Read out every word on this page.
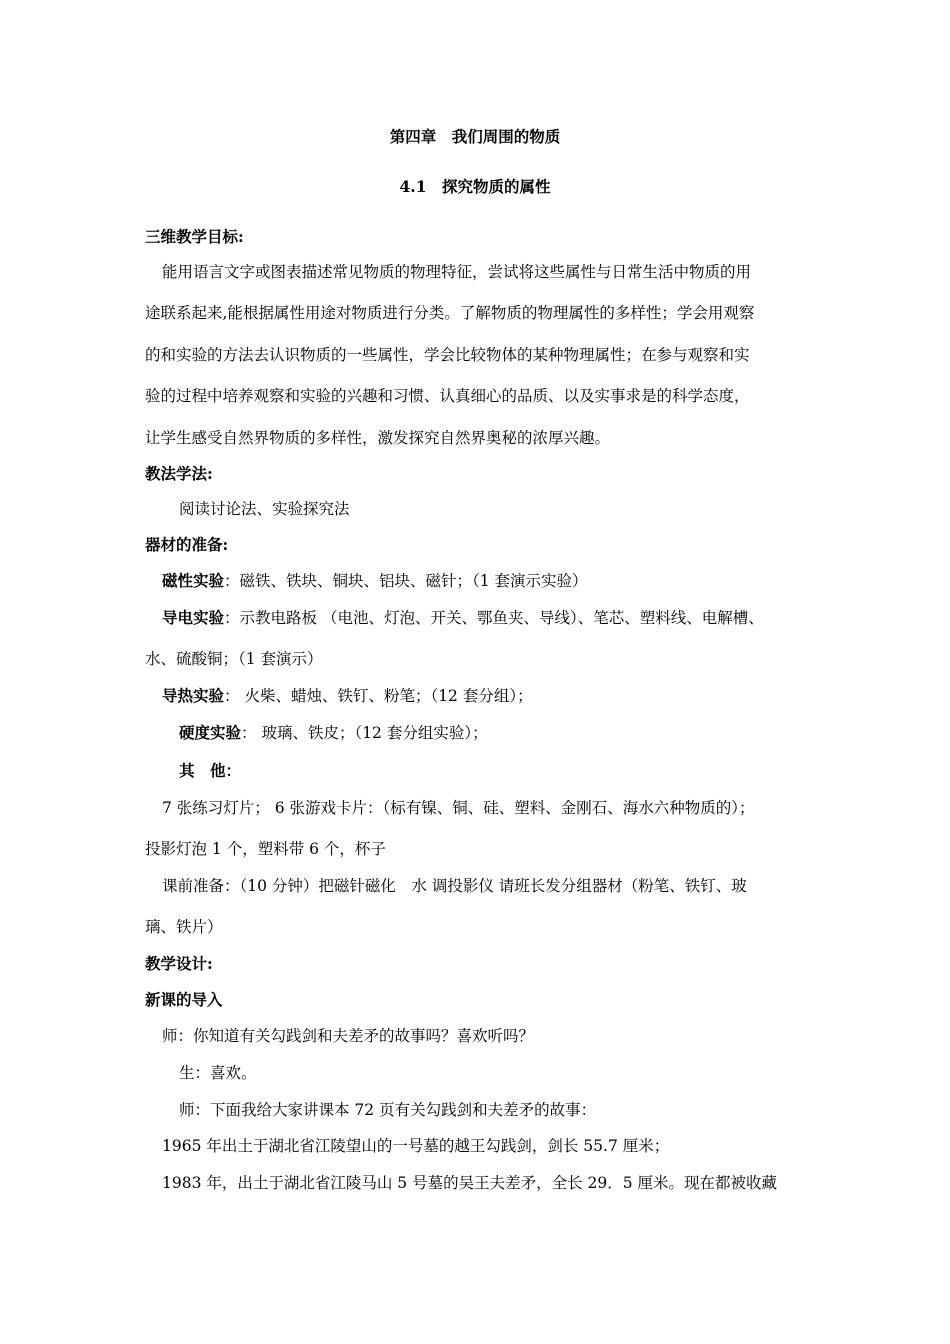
第四章　我们周围的物质
4.1　探究物质的属性
三维教学目标:
能用语言文字或图表描述常见物质的物理特征，尝试将这些属性与日常生活中物质的用
途联系起来,能根据属性用途对物质进行分类。了解物质的物理属性的多样性；学会用观察
的和实验的方法去认识物质的一些属性，学会比较物体的某种物理属性；在参与观察和实
验的过程中培养观察和实验的兴趣和习惯、认真细心的品质、以及实事求是的科学态度，
让学生感受自然界物质的多样性，激发探究自然界奥秘的浓厚兴趣。
教法学法:
阅读讨论法、实验探究法
器材的准备:
磁性实验：磁铁、铁块、铜块、铝块、磁针；（1 套演示实验）
导电实验：示教电路板 （电池、灯泡、开关、鄂鱼夹、导线）、笔芯、塑料线、电解槽、
水、硫酸铜；（1 套演示）
导热实验： 火柴、蜡烛、铁钉、粉笔；（12 套分组）；
硬度实验： 玻璃、铁皮；（12 套分组实验）；
其　他：
7 张练习灯片； 6 张游戏卡片：（标有镍、铜、硅、塑料、金刚石、海水六种物质的）；
投影灯泡 1 个，塑料带 6 个，杯子
课前准备：（10 分钟）把磁针磁化　水 调投影仪 请班长发分组器材（粉笔、铁钉、玻
璃、铁片）
教学设计:
新课的导入
师：你知道有关勾践剑和夫差矛的故事吗？喜欢听吗？
生：喜欢。
师：下面我给大家讲课本 72 页有关勾践剑和夫差矛的故事：
1965 年出土于湖北省江陵望山的一号墓的越王勾践剑，剑长 55.7 厘米；
1983 年，出土于湖北省江陵马山 5 号墓的吴王夫差矛，全长 29．5 厘米。现在都被收藏
